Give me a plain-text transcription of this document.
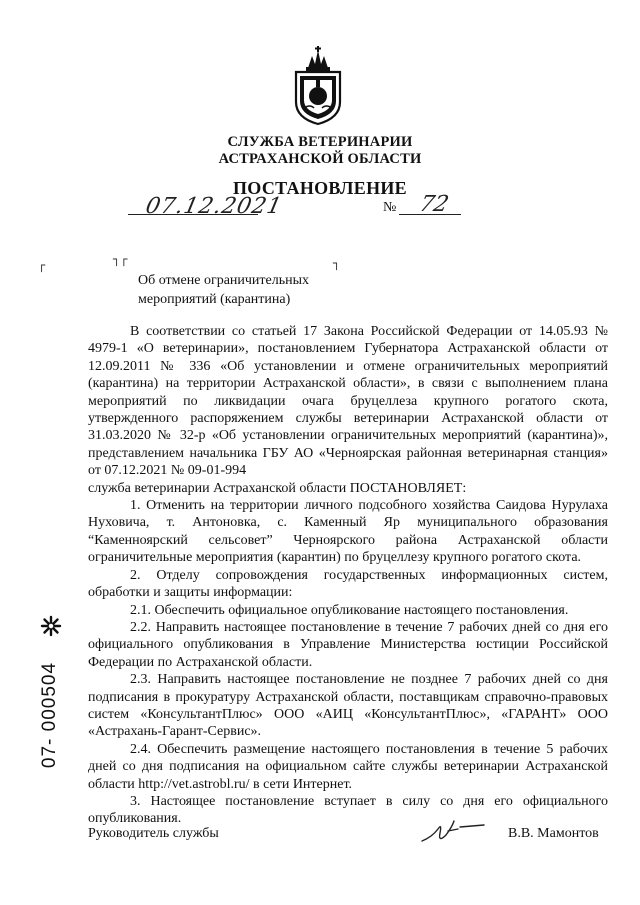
СЛУЖБА ВЕТЕРИНАРИИ
АСТРАХАНСКОЙ ОБЛАСТИ
ПОСТАНОВЛЕНИЕ
07.12.2021	№ 72
┌	┐┌	┐
Об отмене ограничительных
мероприятий (карантина)

В соответствии со статьей 17 Закона Российской Федерации от 14.05.93 № 4979-1 «О ветеринарии», постановлением Губернатора Астраханской области от 12.09.2011 № 336 «Об установлении и отмене ограничительных мероприятий (карантина) на территории Астраханской области», в связи с выполнением плана мероприятий по ликвидации очага бруцеллеза крупного рогатого скота, утвержденного распоряжением службы ветеринарии Астраханской области от 31.03.2020 № 32-р «Об установлении ограничительных мероприятий (карантина)», представлением начальника ГБУ АО «Черноярская районная ветеринарная станция» от 07.12.2021 № 09-01-994

служба ветеринарии Астраханской области ПОСТАНОВЛЯЕТ:

1. Отменить на территории личного подсобного хозяйства Саидова Нурулаха Нуховича, т. Антоновка, с. Каменный Яр муниципального образования “Каменноярский сельсовет” Черноярского района Астраханской области ограничительные мероприятия (карантин) по бруцеллезу крупного рогатого скота.

2. Отделу сопровождения государственных информационных систем, обработки и защиты информации:

2.1. Обеспечить официальное опубликование настоящего постановления.

2.2. Направить настоящее постановление в течение 7 рабочих дней со дня его официального опубликования в Управление Министерства юстиции Российской Федерации по Астраханской области.

2.3. Направить настоящее постановление не позднее 7 рабочих дней со дня подписания в прокуратуру Астраханской области, поставщикам справочно-правовых систем «КонсультантПлюс» ООО «АИЦ «КонсультантПлюс», «ГАРАНТ» ООО «Астрахань-Гарант-Сервис».

2.4. Обеспечить размещение настоящего постановления в течение 5 рабочих дней со дня подписания на официальном сайте службы ветеринарии Астраханской области http://vet.astrobl.ru/ в сети Интернет.

3. Настоящее постановление вступает в силу со дня его официального опубликования.

Руководитель службы	В.В. Мамонтов
07- 000504
